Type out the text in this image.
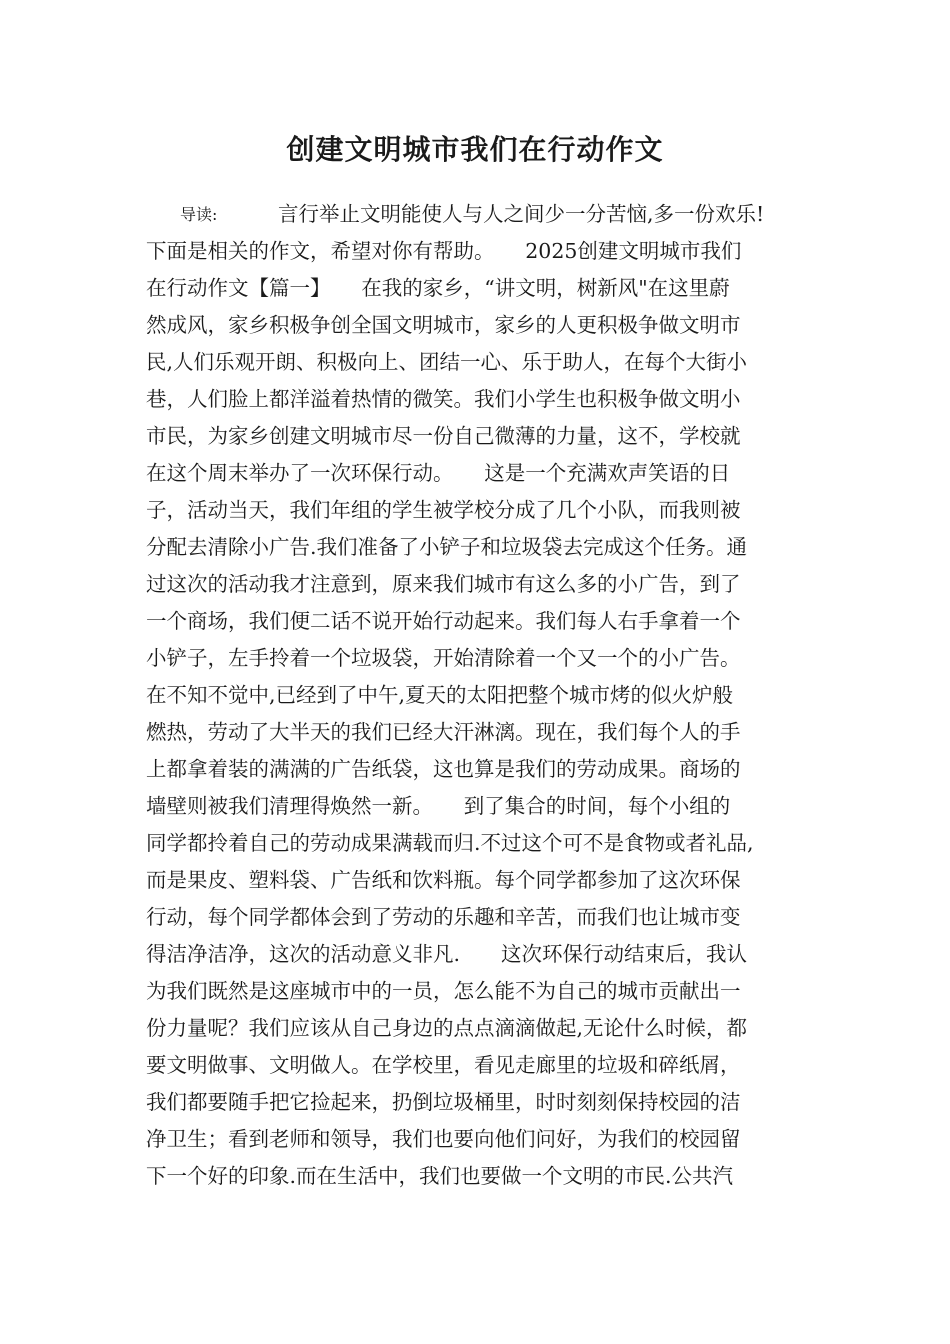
创建文明城市我们在行动作文
导读:	言行举止文明能使人与人之间少一分苦恼,多一份欢乐!
下面是相关的作文，希望对你有帮助。　　2025创建文明城市我们
在行动作文【篇一】　　在我的家乡，“讲文明，树新风"在这里蔚
然成风，家乡积极争创全国文明城市，家乡的人更积极争做文明市
民,人们乐观开朗、积极向上、团结一心、乐于助人，在每个大街小
巷，人们脸上都洋溢着热情的微笑。我们小学生也积极争做文明小
市民，为家乡创建文明城市尽一份自己微薄的力量，这不，学校就
在这个周末举办了一次环保行动。　　这是一个充满欢声笑语的日
子，活动当天，我们年组的学生被学校分成了几个小队，而我则被
分配去清除小广告.我们准备了小铲子和垃圾袋去完成这个任务。通
过这次的活动我才注意到，原来我们城市有这么多的小广告，到了
一个商场，我们便二话不说开始行动起来。我们每人右手拿着一个
小铲子，左手拎着一个垃圾袋，开始清除着一个又一个的小广告。
在不知不觉中,已经到了中午,夏天的太阳把整个城市烤的似火炉般
燃热，劳动了大半天的我们已经大汗淋漓。现在，我们每个人的手
上都拿着装的满满的广告纸袋，这也算是我们的劳动成果。商场的
墙壁则被我们清理得焕然一新。　　到了集合的时间，每个小组的
同学都拎着自己的劳动成果满载而归.不过这个可不是食物或者礼品,
而是果皮、塑料袋、广告纸和饮料瓶。每个同学都参加了这次环保
行动，每个同学都体会到了劳动的乐趣和辛苦，而我们也让城市变
得洁净洁净，这次的活动意义非凡.　　这次环保行动结束后，我认
为我们既然是这座城市中的一员，怎么能不为自己的城市贡献出一
份力量呢？我们应该从自己身边的点点滴滴做起,无论什么时候，都
要文明做事、文明做人。在学校里，看见走廊里的垃圾和碎纸屑，
我们都要随手把它捡起来，扔倒垃圾桶里，时时刻刻保持校园的洁
净卫生；看到老师和领导，我们也要向他们问好，为我们的校园留
下一个好的印象.而在生活中，我们也要做一个文明的市民.公共汽
